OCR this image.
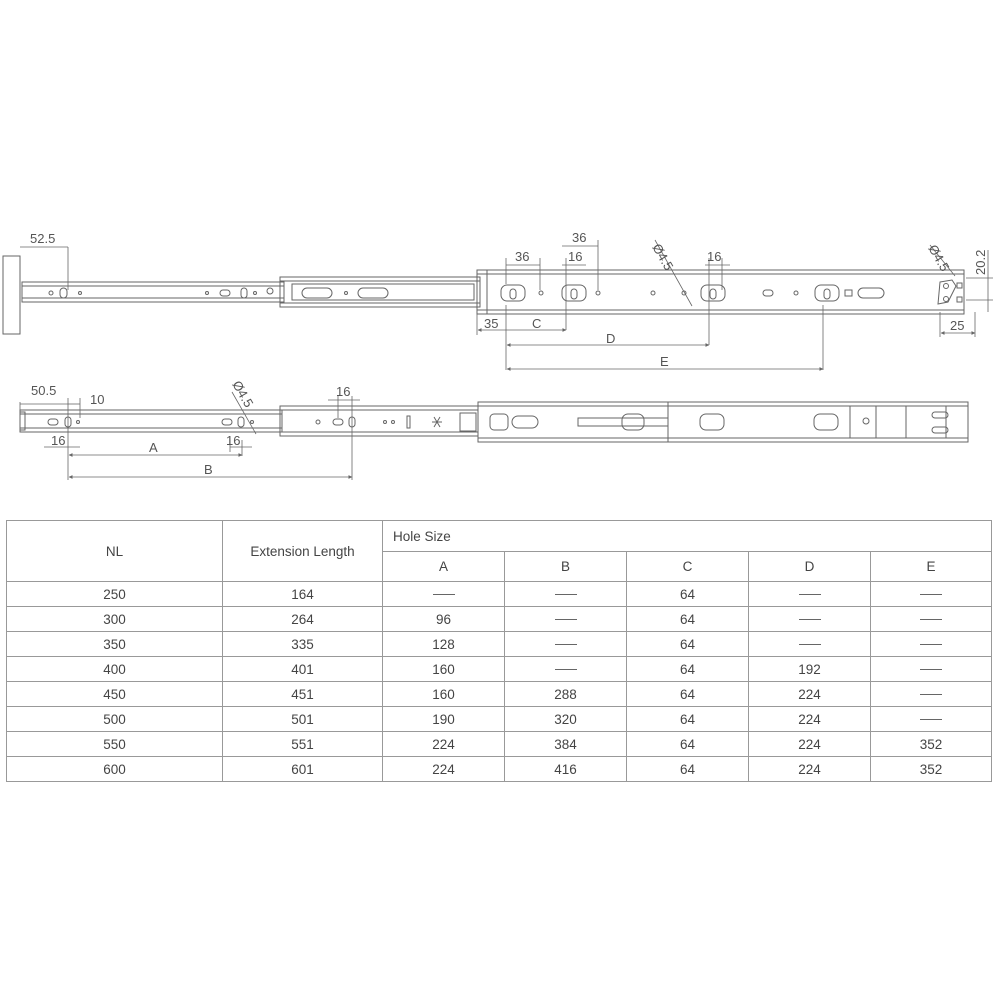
52.5
36
36
16	16
Ø4.5	Ø4.5 20.2
35	25
C
D
E
50.5
10
16	16
16
Ø4.5
A
B
NL	Extension Length	Hole Size				
		A	B	C	D	E
250	164			64		
300	264	96		64		
350	335	128		64		
400	401	160		64	192	
450	451	160	288	64	224	
500	501	190	320	64	224	
550	551	224	384	64	224	352
600	601	224	416	64	224	352
